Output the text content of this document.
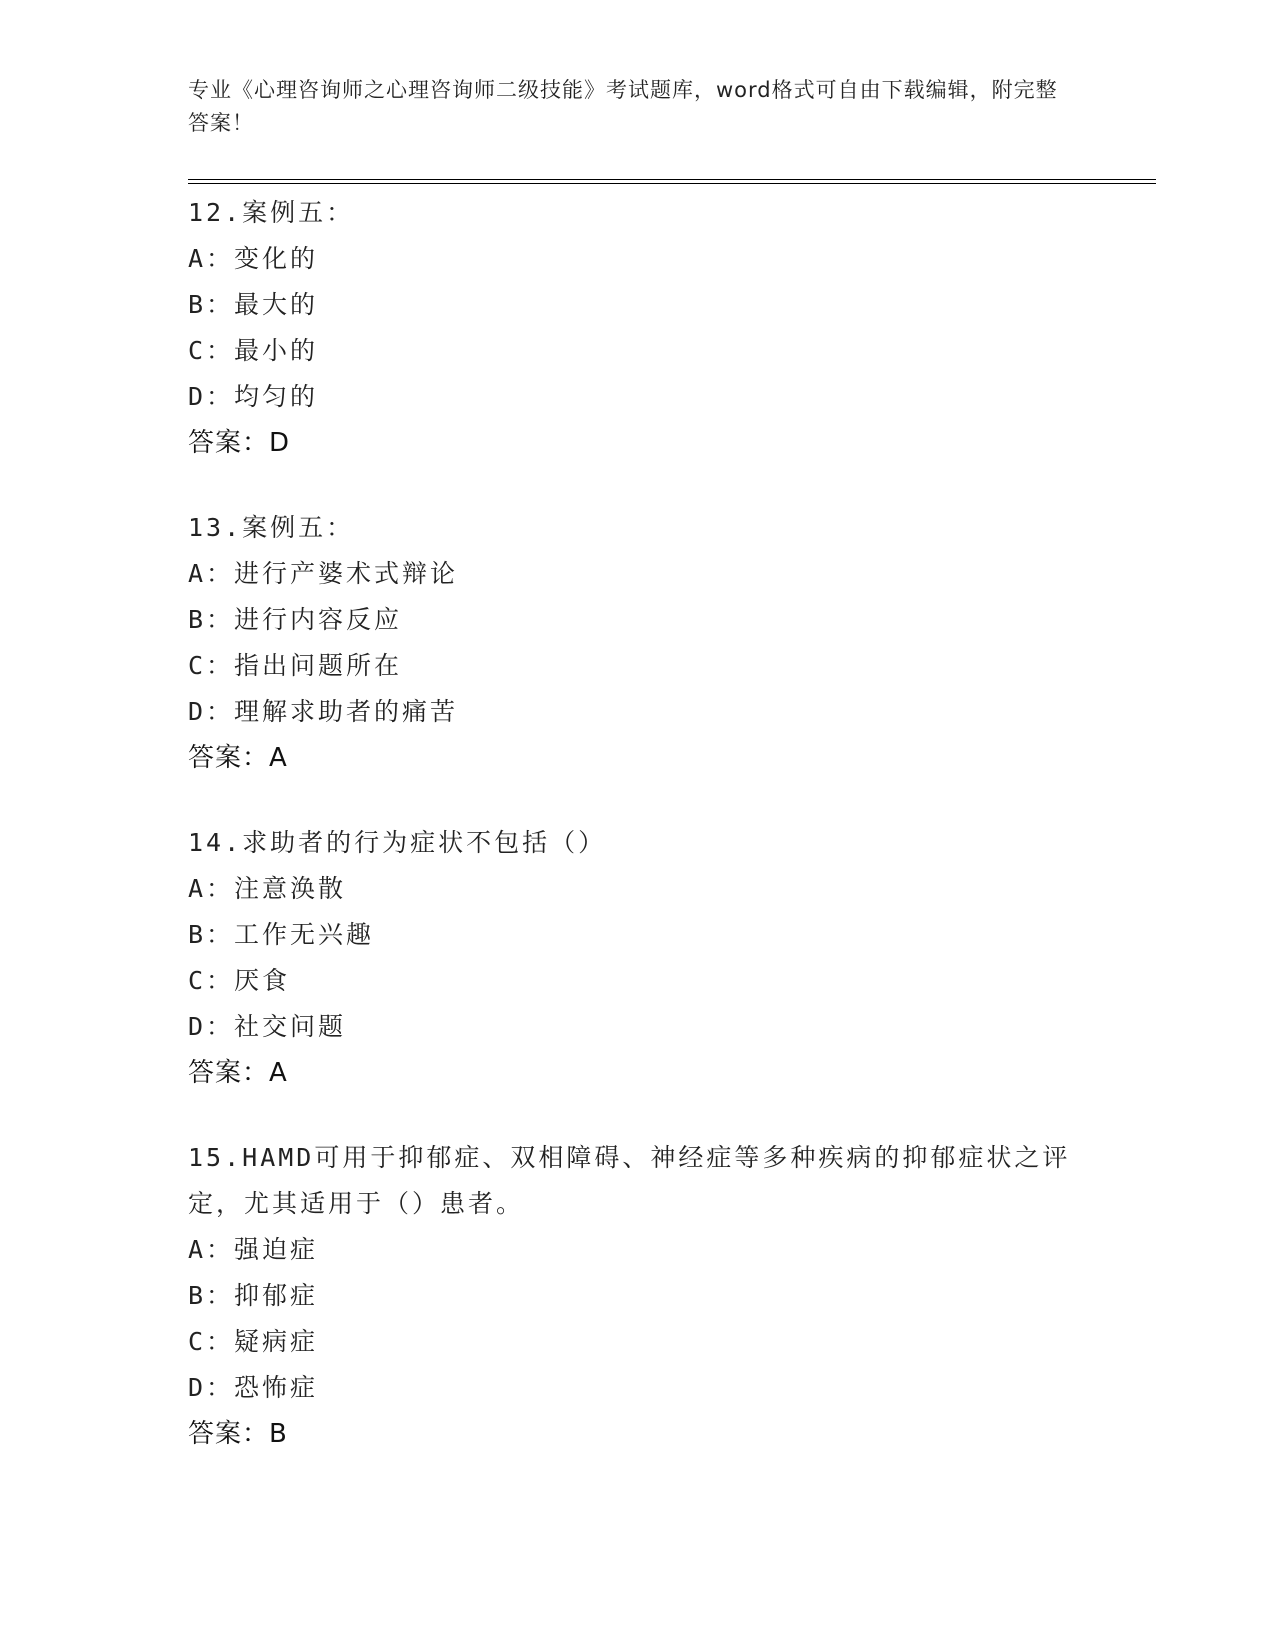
专业《心理咨询师之心理咨询师二级技能》考试题库，word格式可自由下载编辑，附完整答案！
12.案例五：
A：变化的
B：最大的
C：最小的
D：均匀的
答案：D
13.案例五：
A：进行产婆术式辩论
B：进行内容反应
C：指出问题所在
D：理解求助者的痛苦
答案：A
14.求助者的行为症状不包括（）
A：注意涣散
B：工作无兴趣
C：厌食
D：社交问题
答案：A
15.HAMD可用于抑郁症、双相障碍、神经症等多种疾病的抑郁症状之评定，尤其适用于（）患者。
A：强迫症
B：抑郁症
C：疑病症
D：恐怖症
答案：B
